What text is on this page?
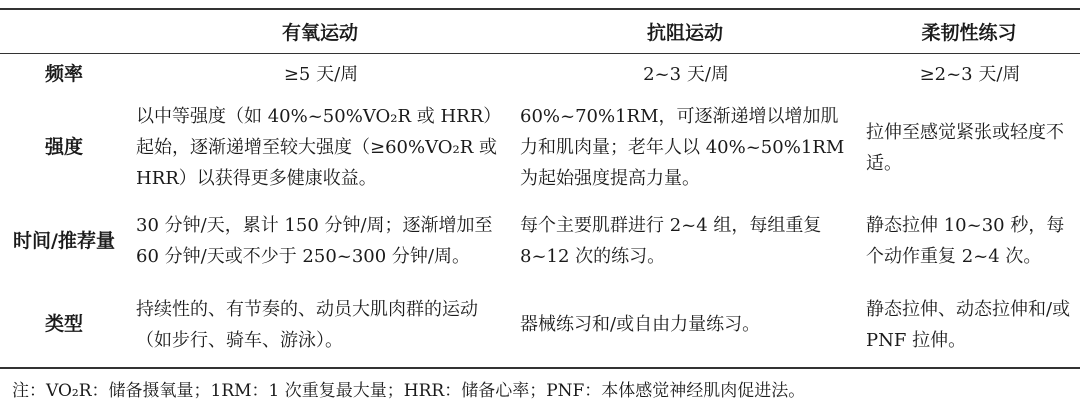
	有氧运动	抗阻运动	柔韧性练习
频率	≥5 天/周	2~3 天/周	≥2~3 天/周
强度	以中等强度（如 40%~50%VO₂R 或 HRR）起始，逐渐递增至较大强度（≥60%VO₂R 或 HRR）以获得更多健康收益。	60%~70%1RM，可逐渐递增以增加肌力和肌肉量；老年人以 40%~50%1RM 为起始强度提高力量。	拉伸至感觉紧张或轻度不适。
时间/推荐量	30 分钟/天，累计 150 分钟/周；逐渐增加至 60 分钟/天或不少于 250~300 分钟/周。	每个主要肌群进行 2~4 组，每组重复 8~12 次的练习。	静态拉伸 10~30 秒，每个动作重复 2~4 次。
类型	持续性的、有节奏的、动员大肌肉群的运动（如步行、骑车、游泳）。	器械练习和/或自由力量练习。	静态拉伸、动态拉伸和/或 PNF 拉伸。
注：VO₂R：储备摄氧量；1RM：1 次重复最大量；HRR：储备心率；PNF：本体感觉神经肌肉促进法。
